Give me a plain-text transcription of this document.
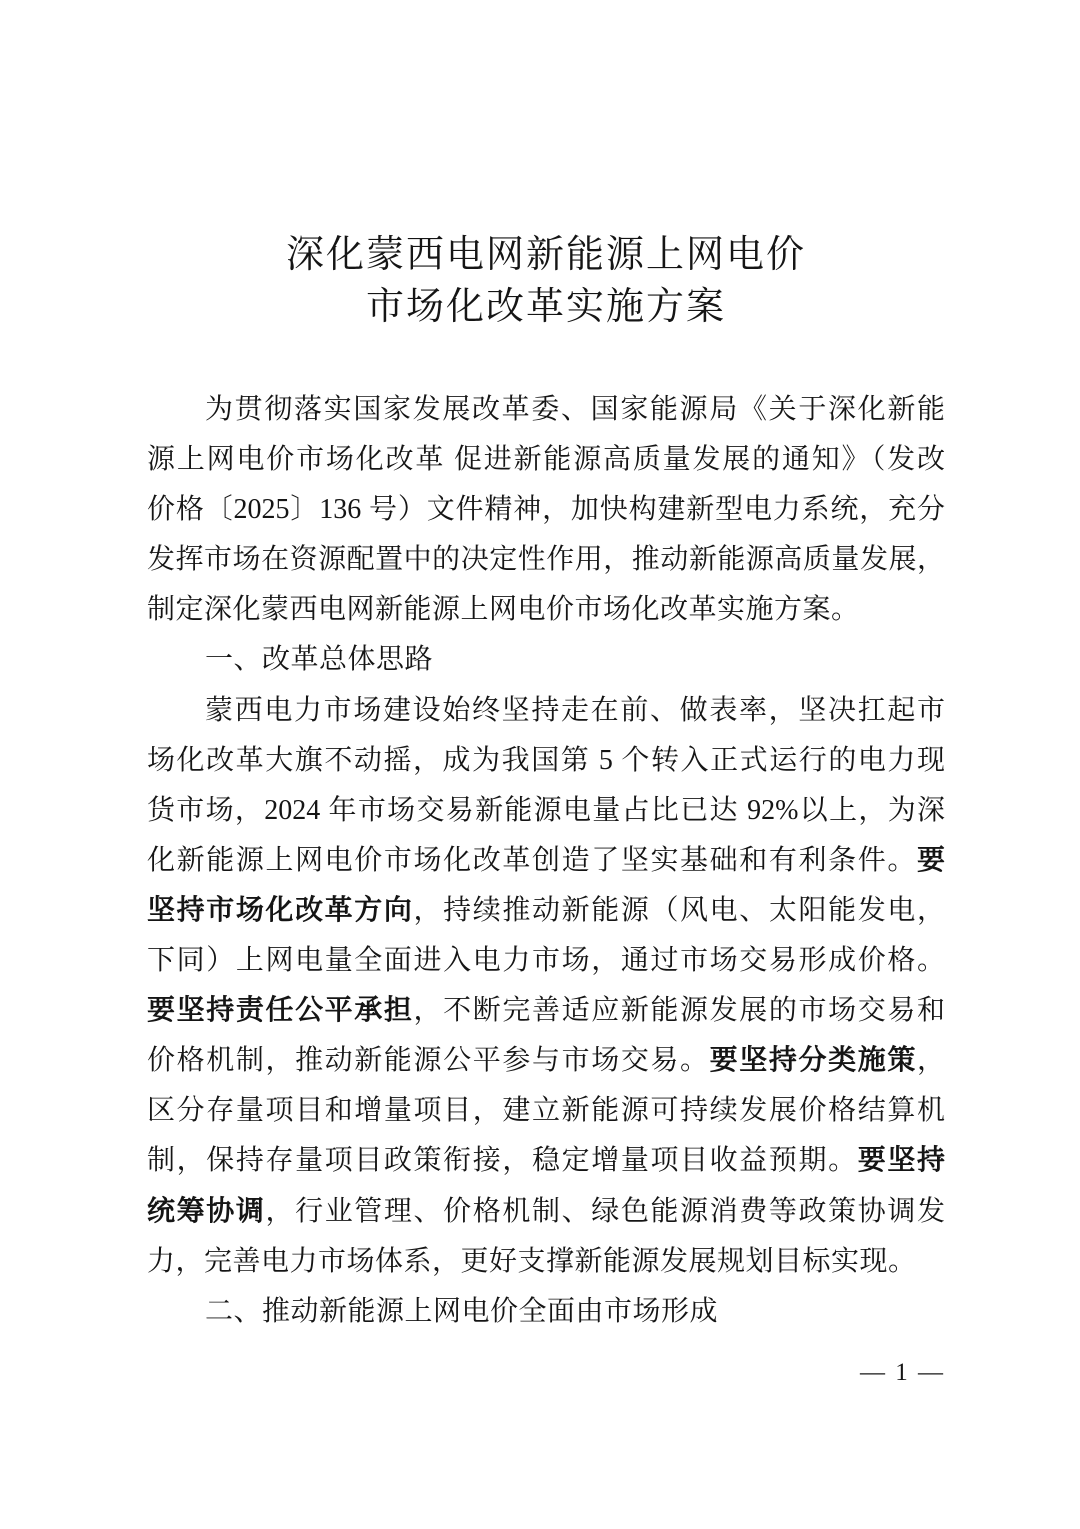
深化蒙西电网新能源上网电价
市场化改革实施方案
为贯彻落实国家发展改革委、国家能源局《关于深化新能
源上网电价市场化改革 促进新能源高质量发展的通知》（发改
价格〔2025〕136 号）文件精神，加快构建新型电力系统，充分
发挥市场在资源配置中的决定性作用，推动新能源高质量发展，
制定深化蒙西电网新能源上网电价市场化改革实施方案。
一、改革总体思路
蒙西电力市场建设始终坚持走在前、做表率，坚决扛起市
场化改革大旗不动摇，成为我国第 5 个转入正式运行的电力现
货市场，2024 年市场交易新能源电量占比已达 92%以上，为深
化新能源上网电价市场化改革创造了坚实基础和有利条件。要
坚持市场化改革方向，持续推动新能源（风电、太阳能发电，
下同）上网电量全面进入电力市场，通过市场交易形成价格。
要坚持责任公平承担，不断完善适应新能源发展的市场交易和
价格机制，推动新能源公平参与市场交易。要坚持分类施策，
区分存量项目和增量项目，建立新能源可持续发展价格结算机
制，保持存量项目政策衔接，稳定增量项目收益预期。要坚持
统筹协调，行业管理、价格机制、绿色能源消费等政策协调发
力，完善电力市场体系，更好支撑新能源发展规划目标实现。
二、推动新能源上网电价全面由市场形成
— 1 —
